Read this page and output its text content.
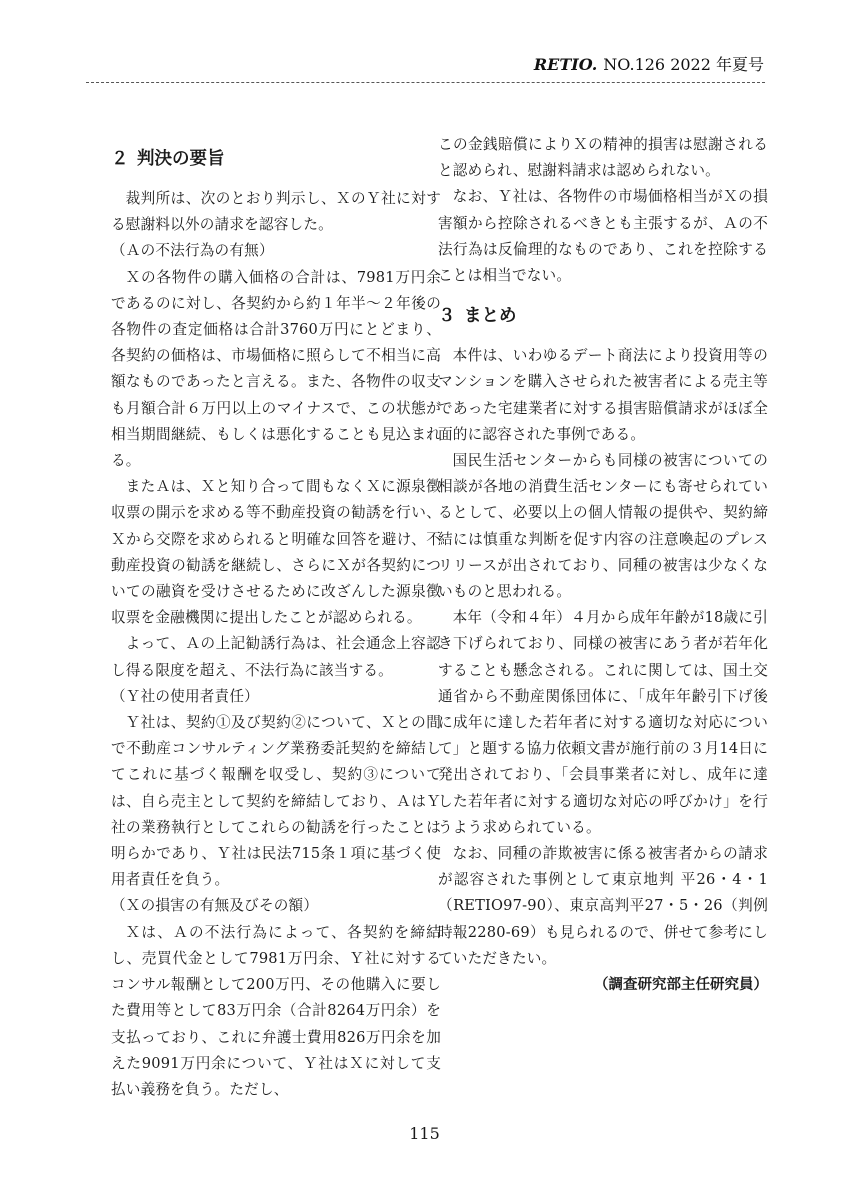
RETIO. NO.126 2022 年夏号
２ 判決の要旨

裁判所は、次のとおり判示し、ＸのＹ社に対する慰謝料以外の請求を認容した。

（Ａの不法行為の有無）

Ｘの各物件の購入価格の合計は、7981万円余であるのに対し、各契約から約１年半～２年後の各物件の査定価格は合計3760万円にとどまり、各契約の価格は、市場価格に照らして不相当に高額なものであったと言える。また、各物件の収支も月額合計６万円以上のマイナスで、この状態が相当期間継続、もしくは悪化することも見込まれる。

またＡは、Ｘと知り合って間もなくＸに源泉徴収票の開示を求める等不動産投資の勧誘を行い、Ｘから交際を求められると明確な回答を避け、不動産投資の勧誘を継続し、さらにＸが各契約についての融資を受けさせるために改ざんした源泉徴収票を金融機関に提出したことが認められる。

よって、Ａの上記勧誘行為は、社会通念上容認し得る限度を超え、不法行為に該当する。

（Ｙ社の使用者責任）

Ｙ社は、契約①及び契約②について、Ｘとの間で不動産コンサルティング業務委託契約を締結してこれに基づく報酬を収受し、契約③については、自ら売主として契約を締結しており、ＡはＹ社の業務執行としてこれらの勧誘を行ったことは明らかであり、Ｙ社は民法715条１項に基づく使用者責任を負う。

（Ｘの損害の有無及びその額）

Ｘは、Ａの不法行為によって、各契約を締結し、売買代金として7981万円余、Ｙ社に対するコンサル報酬として200万円、その他購入に要した費用等として83万円余（合計8264万円余）を支払っており、これに弁護士費用826万円余を加えた9091万円余について、Ｙ社はＸに対して支払い義務を負う。ただし、

この金銭賠償によりＸの精神的損害は慰謝されると認められ、慰謝料請求は認められない。

なお、Ｙ社は、各物件の市場価格相当がＸの損害額から控除されるべきとも主張するが、Ａの不法行為は反倫理的なものであり、これを控除することは相当でない。

３ まとめ

本件は、いわゆるデート商法により投資用等のマンションを購入させられた被害者による売主等であった宅建業者に対する損害賠償請求がほぼ全面的に認容された事例である。

国民生活センターからも同様の被害についての相談が各地の消費生活センターにも寄せられているとして、必要以上の個人情報の提供や、契約締結には慎重な判断を促す内容の注意喚起のプレスリリースが出されており、同種の被害は少なくないものと思われる。

本年（令和４年）４月から成年年齢が18歳に引き下げられており、同様の被害にあう者が若年化することも懸念される。これに関しては、国土交通省から不動産関係団体に、「成年年齢引下げ後に成年に達した若年者に対する適切な対応について」と題する協力依頼文書が施行前の３月14日に発出されており、「会員事業者に対し、成年に達した若年者に対する適切な対応の呼びかけ」を行うよう求められている。

なお、同種の詐欺被害に係る被害者からの請求が認容された事例として東京地判 平26・4・1（RETIO97-90）、東京高判平27・5・26（判例時報2280-69）も見られるので、併せて参考にしていただきたい。

（調査研究部主任研究員）

115
